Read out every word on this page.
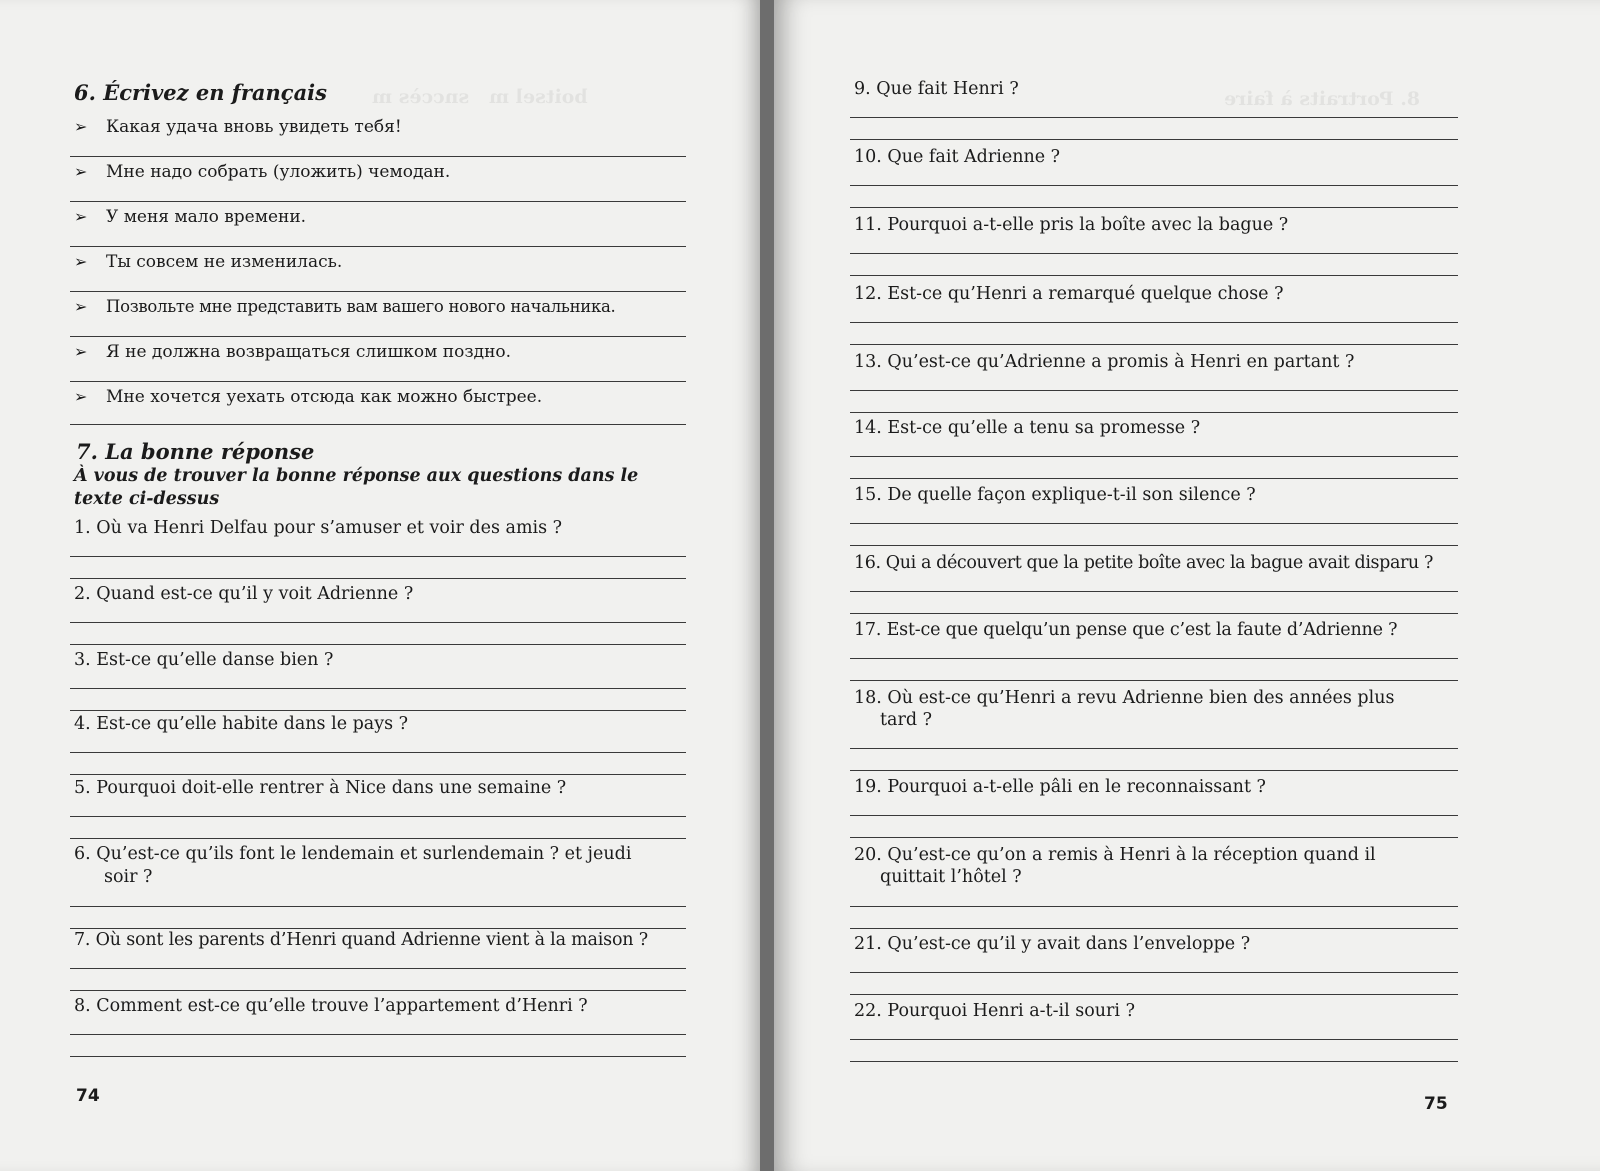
boitsel m   snccès m
6. Écrivez en français
➢ Какая удача вновь увидеть тебя!
➢ Мне надо собрать (уложить) чемодан.
➢ У меня мало времени.
➢ Ты совсем не изменилась.
➢ Позвольте мне представить вам вашего нового начальника.
➢ Я не должна возвращаться слишком поздно.
➢ Мне хочется уехать отсюда как можно быстрее.
7. La bonne réponse
À vous de trouver la bonne réponse aux questions dans le
texte ci-dessus
1. Où va Henri Delfau pour s’amuser et voir des amis ?
2. Quand est-ce qu’il y voit Adrienne ?
3. Est-ce qu’elle danse bien ?
4. Est-ce qu’elle habite dans le pays ?
5. Pourquoi doit-elle rentrer à Nice dans une semaine ?
6. Qu’est-ce qu’ils font le lendemain et surlendemain ? et jeudi
soir ?
7. Où sont les parents d’Henri quand Adrienne vient à la maison ?
8. Comment est-ce qu’elle trouve l’appartement d’Henri ?
74
8. Portraits à faire
9. Que fait Henri ?
10. Que fait Adrienne ?
11. Pourquoi a-t-elle pris la boîte avec la bague ?
12. Est-ce qu’Henri a remarqué quelque chose ?
13. Qu’est-ce qu’Adrienne a promis à Henri en partant ?
14. Est-ce qu’elle a tenu sa promesse ?
15. De quelle façon explique-t-il son silence ?
16. Qui a découvert que la petite boîte avec la bague avait disparu ?
17. Est-ce que quelqu’un pense que c’est la faute d’Adrienne ?
18. Où est-ce qu’Henri a revu Adrienne bien des années plus
tard ?
19. Pourquoi a-t-elle pâli en le reconnaissant ?
20. Qu’est-ce qu’on a remis à Henri à la réception quand il
quittait l’hôtel ?
21. Qu’est-ce qu’il y avait dans l’enveloppe ?
22. Pourquoi Henri a-t-il souri ?
75
